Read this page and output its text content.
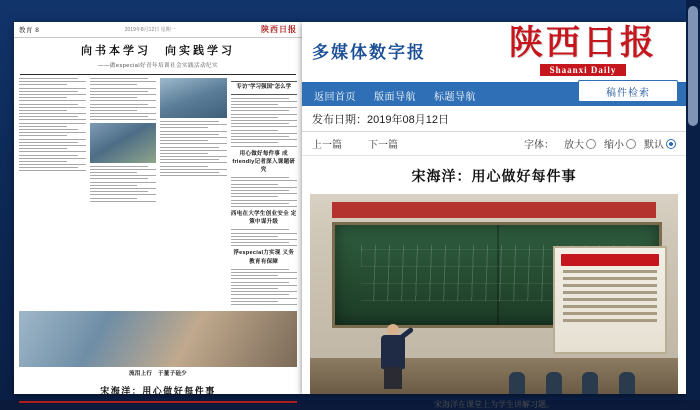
教育 8	2019年8月12日 星期一	陕西日报
向书本学习　向实践学习
——做especial好青年培训社会实践活动纪实
专访"学习强国"怎么学
用心做好每件事 成friendly记者深入课题研究
西电在大学生创业安全 定策中谋升级
浮especial力实现 义务教育有保障
流泪上行　于董子硅少
宋海洋：用心做好每件事
多媒体数字报	陕西日报
Shaanxi Daily
返回首页 版面导航 标题导航
发布日期： 2019年08月12日
稿件检索
上一篇	下一篇	字体： 放大	缩小	默认
宋海洋：用心做好每件事
宋海洋在课堂上为学生讲解习题。
